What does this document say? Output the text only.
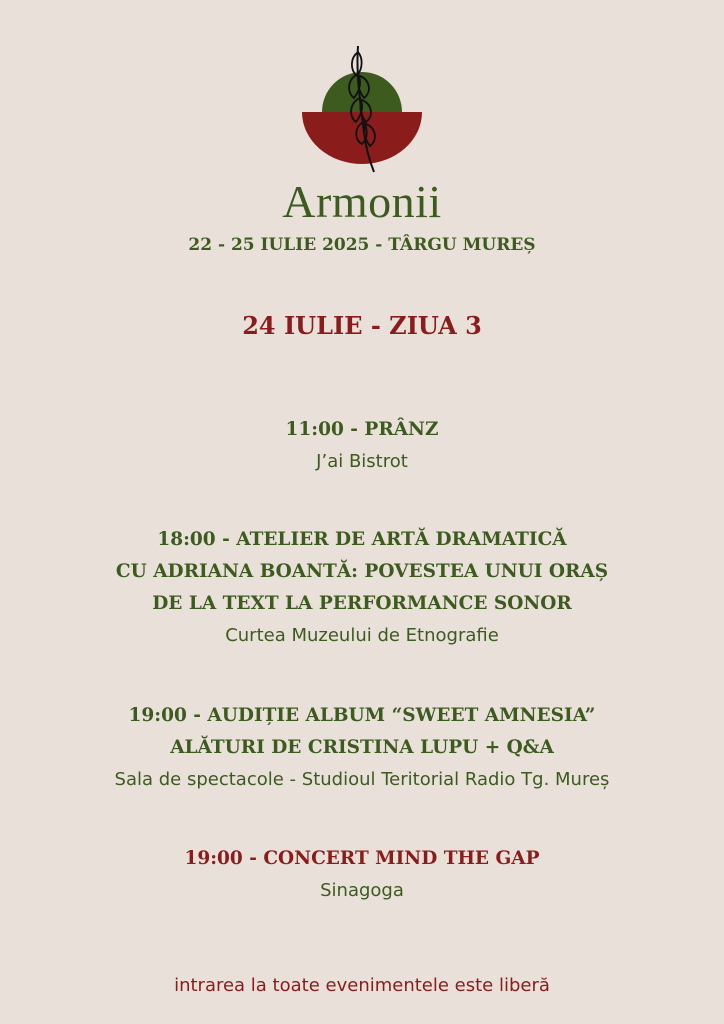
Armonii
22 - 25 IULIE 2025 - TÂRGU MUREȘ
24 IULIE - ZIUA 3
11:00 - PRÂNZ
J’ai Bistrot
18:00 - ATELIER DE ARTĂ DRAMATICĂ
CU ADRIANA BOANTĂ: POVESTEA UNUI ORAȘ
DE LA TEXT LA PERFORMANCE SONOR
Curtea Muzeului de Etnografie
19:00 - AUDIȚIE ALBUM “SWEET AMNESIA”
ALĂTURI DE CRISTINA LUPU + Q&A
Sala de spectacole - Studioul Teritorial Radio Tg. Mureș
19:00 - CONCERT MIND THE GAP
Sinagoga
intrarea la toate evenimentele este liberă
